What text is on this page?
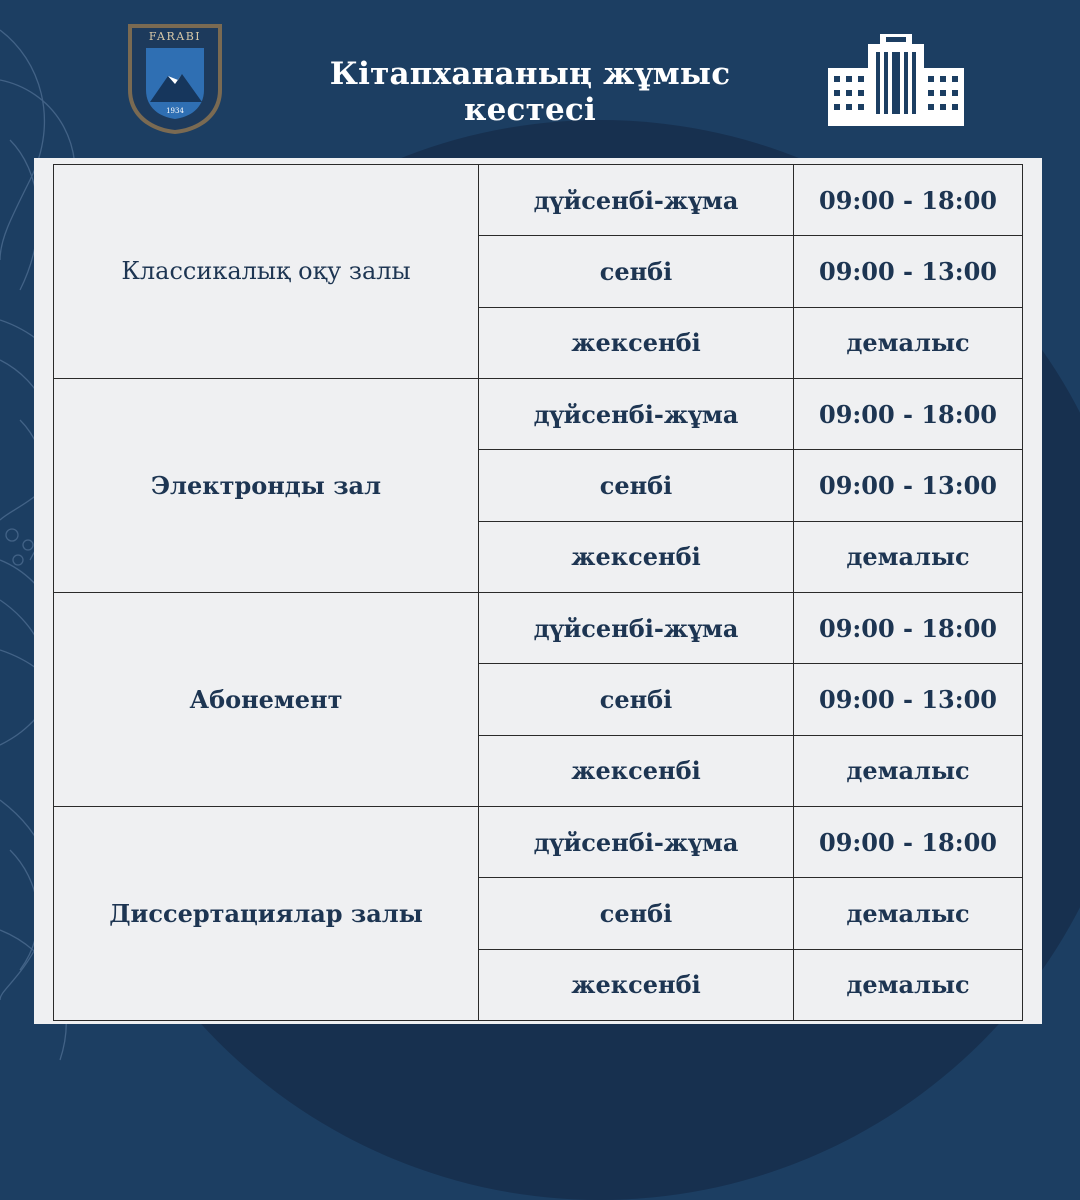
FARABI
1934
Кітапхананың жұмыс кестесі
Классикалық оқу залы	дүйсенбі-жұма	09:00 - 18:00
	сенбі	09:00 - 13:00
	жексенбі	демалыс
Электронды зал	дүйсенбі-жұма	09:00 - 18:00
	сенбі	09:00 - 13:00
	жексенбі	демалыс
Абонемент	дүйсенбі-жұма	09:00 - 18:00
	сенбі	09:00 - 13:00
	жексенбі	демалыс
Диссертациялар залы	дүйсенбі-жұма	09:00 - 18:00
	сенбі	демалыс
	жексенбі	демалыс
